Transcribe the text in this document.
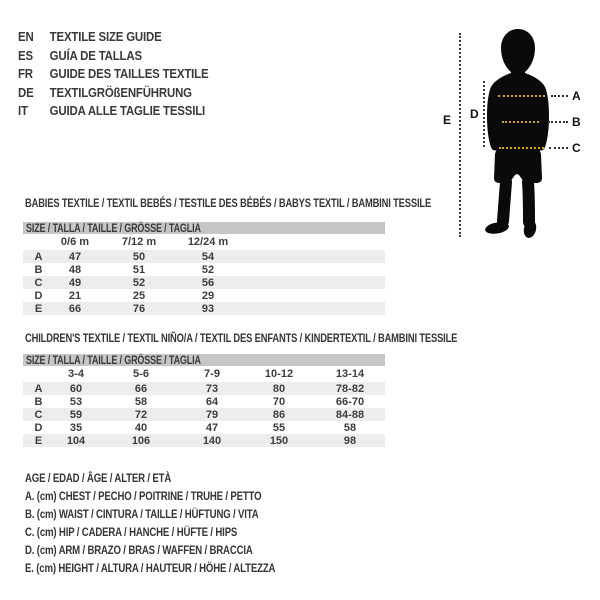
EN	TEXTILE SIZE GUIDE
ES	GUÍA DE TALLAS
FR	GUIDE DES TAILLES TEXTILE
DE	TEXTILGRÖßENFÜHRUNG
IT	GUIDA ALLE TAGLIE TESSILI
A
B
C
D
E
BABIES TEXTILE / TEXTIL BEBÉS / TESTILE DES BÉBÉS / BABYS TEXTIL / BAMBINI TESSILE
SIZE / TALLA / TAILLE / GRÖSSE / TAGLIA
	0/6 m	7/12 m	12/24 m	
A	47	50	54	
B	48	51	52	
C	49	52	56	
D	21	25	29	
E	66	76	93	
CHILDREN'S TEXTILE / TEXTIL NIÑO/A / TEXTIL DES ENFANTS / KINDERTEXTIL / BAMBINI TESSILE
SIZE / TALLA / TAILLE / GRÖSSE / TAGLIA
	3-4	5-6	7-9	10-12	13-14
A	60	66	73	80	78-82
B	53	58	64	70	66-70
C	59	72	79	86	84-88
D	35	40	47	55	58
E	104	106	140	150	98
AGE / EDAD / ÂGE / ALTER / ETÀ
A. (cm) CHEST / PECHO / POITRINE / TRUHE / PETTO
B. (cm) WAIST / CINTURA / TAILLE / HÜFTUNG / VITA
C. (cm) HIP / CADERA / HANCHE / HÜFTE / HIPS
D. (cm) ARM / BRAZO / BRAS / WAFFEN / BRACCIA
E. (cm) HEIGHT / ALTURA / HAUTEUR / HÖHE / ALTEZZA
